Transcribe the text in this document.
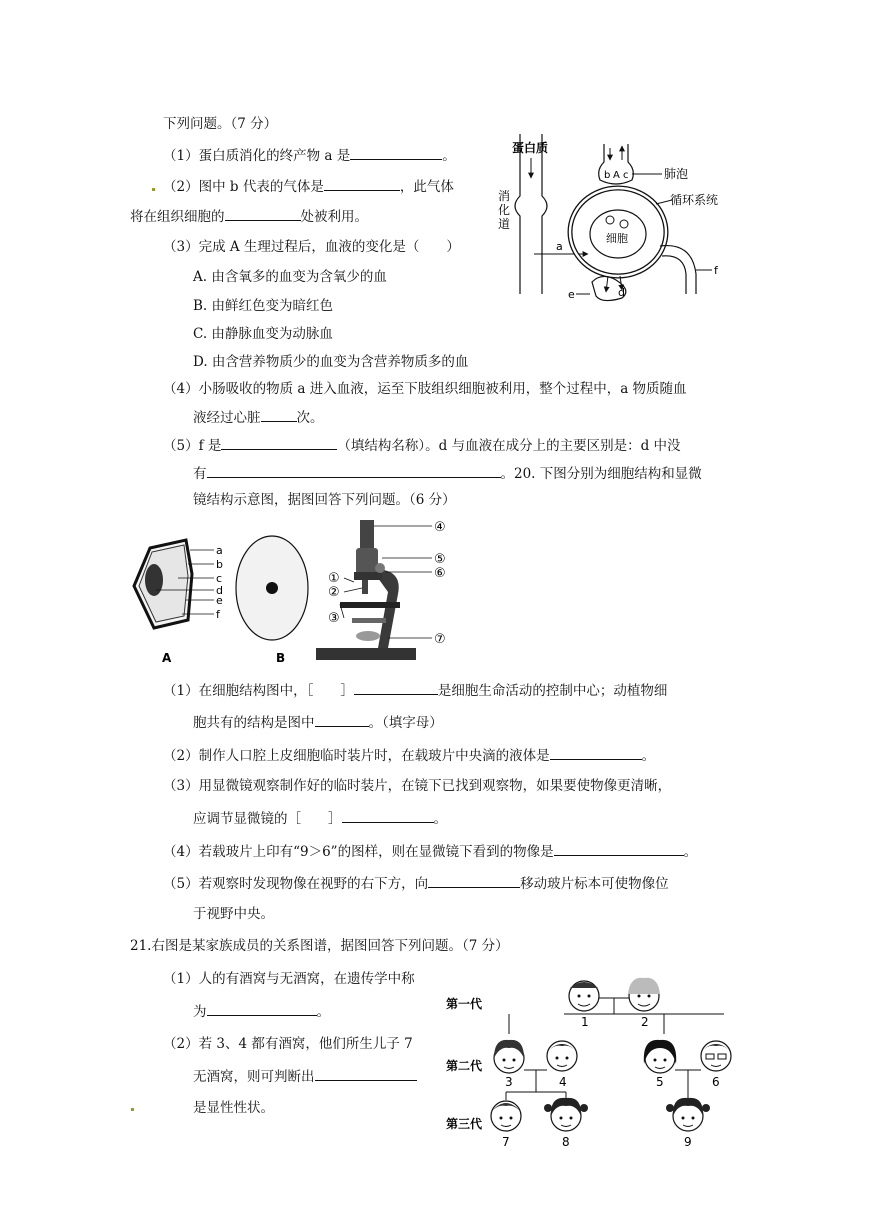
下列问题。（7 分）
（1）蛋白质消化的终产物 a 是	。
（2）图中 b 代表的气体是	，此气体
将在组织细胞的	处被利用。
（3）完成 A 生理过程后，血液的变化是（　　）
A. 由含氧多的血变为含氧少的血
B. 由鲜红色变为暗红色
C. 由静脉血变为动脉血
D. 由含营养物质少的血变为含营养物质多的血
（4）小肠吸收的物质 a 进入血液，运至下肢组织细胞被利用，整个过程中，a 物质随血
液经过心脏	次。
（5）f 是	（填结构名称）。d 与血液在成分上的主要区别是：d 中没
有	。20. 下图分别为细胞结构和显微
镜结构示意图，据图回答下列问题。（6 分）
消
化
道
蛋白质
a
b A c	肺泡
循环系统
细胞
d
e
f
a
b
c
d
e
f
A	B
④
⑤
⑥
①
②
③
⑦
（1）在细胞结构图中，［　　］	是细胞生命活动的控制中心；动植物细
胞共有的结构是图中	。（填字母）
（2）制作人口腔上皮细胞临时装片时，在载玻片中央滴的液体是	。
（3）用显微镜观察制作好的临时装片，在镜下已找到观察物，如果要使物像更清晰，
应调节显微镜的［　　］	。
（4）若载玻片上印有“9＞6”的图样，则在显微镜下看到的物像是	。
（5）若观察时发现物像在视野的右下方，向	移动玻片标本可使物像位
于视野中央。
21.右图是某家族成员的关系图谱，据图回答下列问题。（7 分）
（1）人的有酒窝与无酒窝，在遗传学中称
为	。
（2）若 3、4 都有酒窝，他们所生儿子 7
无酒窝，则可判断出
是显性性状。
第一代
第二代
第三代
1	2
3	4	5	6
7	8	9
